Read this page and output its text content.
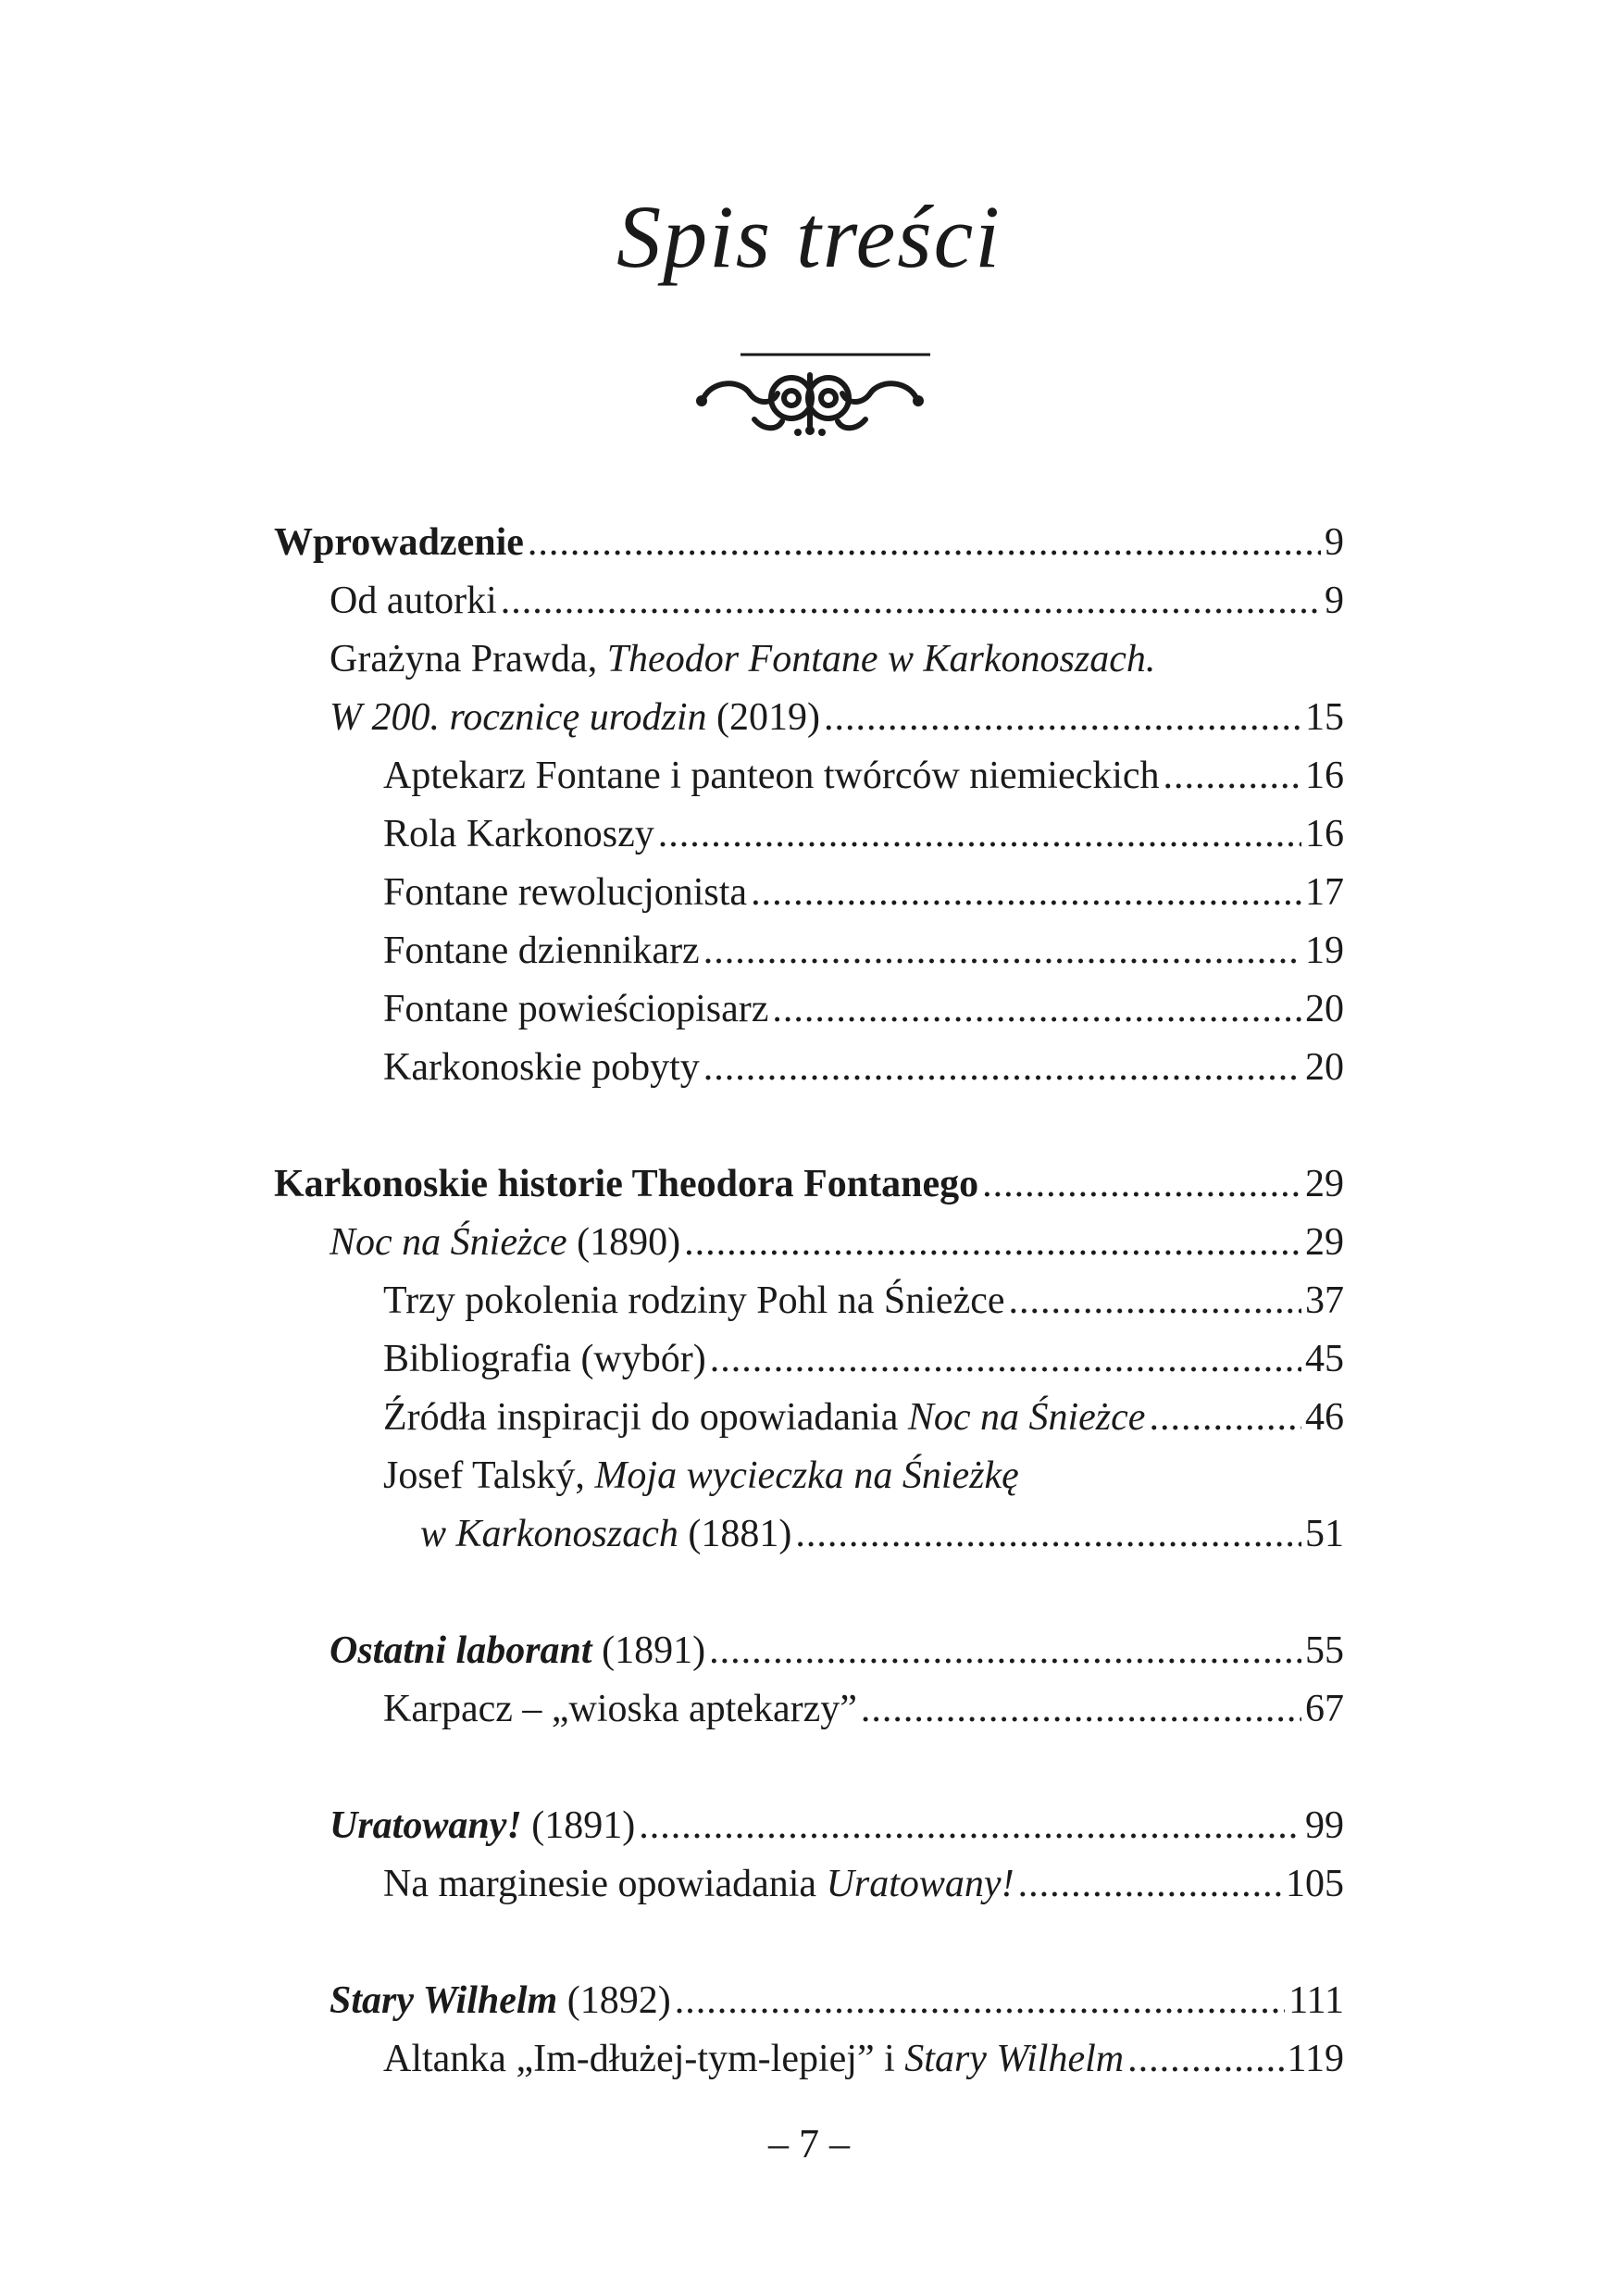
Spis treści
Wprowadzenie .....	9
Od autorki .....	9
Grażyna Prawda, Theodor Fontane w Karkonoszach.
W 200. rocznicę urodzin (2019) .....	15
Aptekarz Fontane i panteon twórców niemieckich .....	16
Rola Karkonoszy .....	16
Fontane rewolucjonista .....	17
Fontane dziennikarz .....	19
Fontane powieściopisarz .....	20
Karkonoskie pobyty .....	20
Karkonoskie historie Theodora Fontanego .....	29
Noc na Śnieżce (1890) .....	29
Trzy pokolenia rodziny Pohl na Śnieżce .....	37
Bibliografia (wybór) .....	45
Źródła inspiracji do opowiadania Noc na Śnieżce .....	46
Josef Talský, Moja wycieczka na Śnieżkę
w Karkonoszach (1881) .....	51
Ostatni laborant (1891) .....	55
Karpacz – „wioska aptekarzy” .....	67
Uratowany! (1891) .....	99
Na marginesie opowiadania Uratowany! .....	105
Stary Wilhelm (1892) .....	111
Altanka „Im-dłużej-tym-lepiej” i Stary Wilhelm .....	119
– 7 –
